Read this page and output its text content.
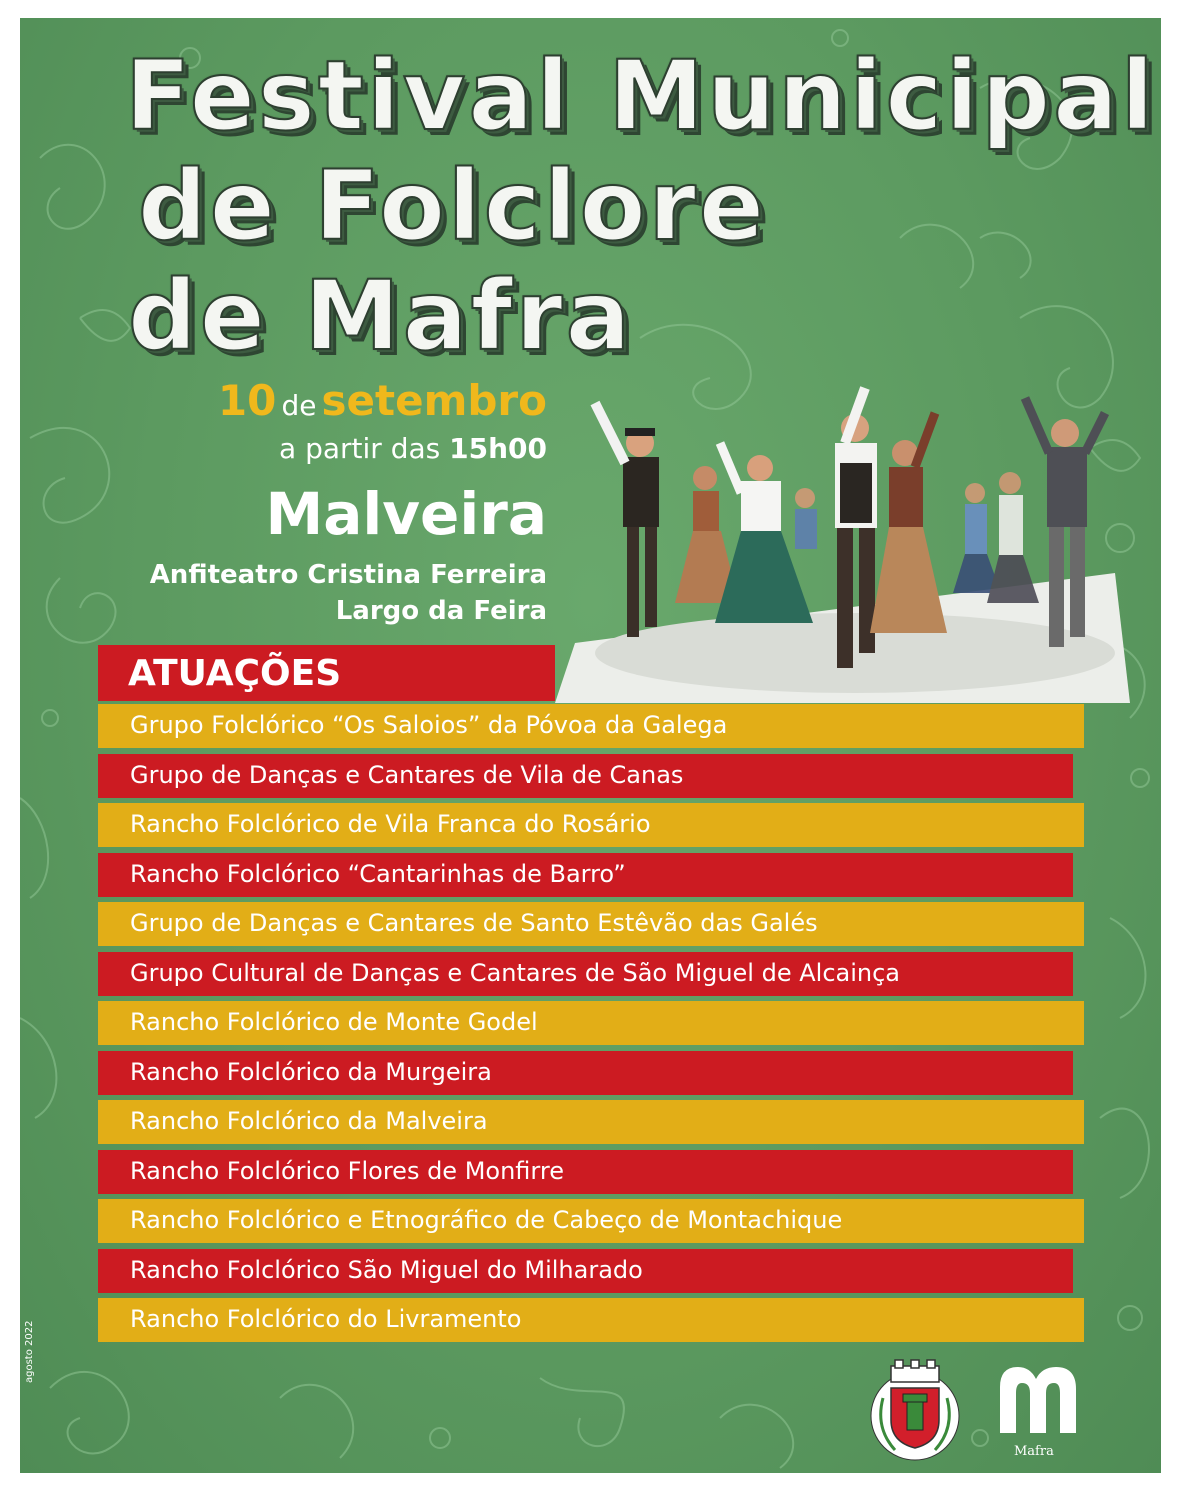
Festival Municipal
de Folclore
de Mafra
10 de setembro
a partir das 15h00
Malveira
Anfiteatro Cristina Ferreira
Largo da Feira
ATUAÇÕES
Grupo Folclórico “Os Saloios” da Póvoa da Galega
Grupo de Danças e Cantares de Vila de Canas
Rancho Folclórico de Vila Franca do Rosário
Rancho Folclórico “Cantarinhas de Barro”
Grupo de Danças e Cantares de Santo Estêvão das Galés
Grupo Cultural de Danças e Cantares de São Miguel de Alcainça
Rancho Folclórico de Monte Godel
Rancho Folclórico da Murgeira
Rancho Folclórico da Malveira
Rancho Folclórico Flores de Monfirre
Rancho Folclórico e Etnográfico de Cabeço de Montachique
Rancho Folclórico São Miguel do Milharado
Rancho Folclórico do Livramento
agosto 2022
Mafra
